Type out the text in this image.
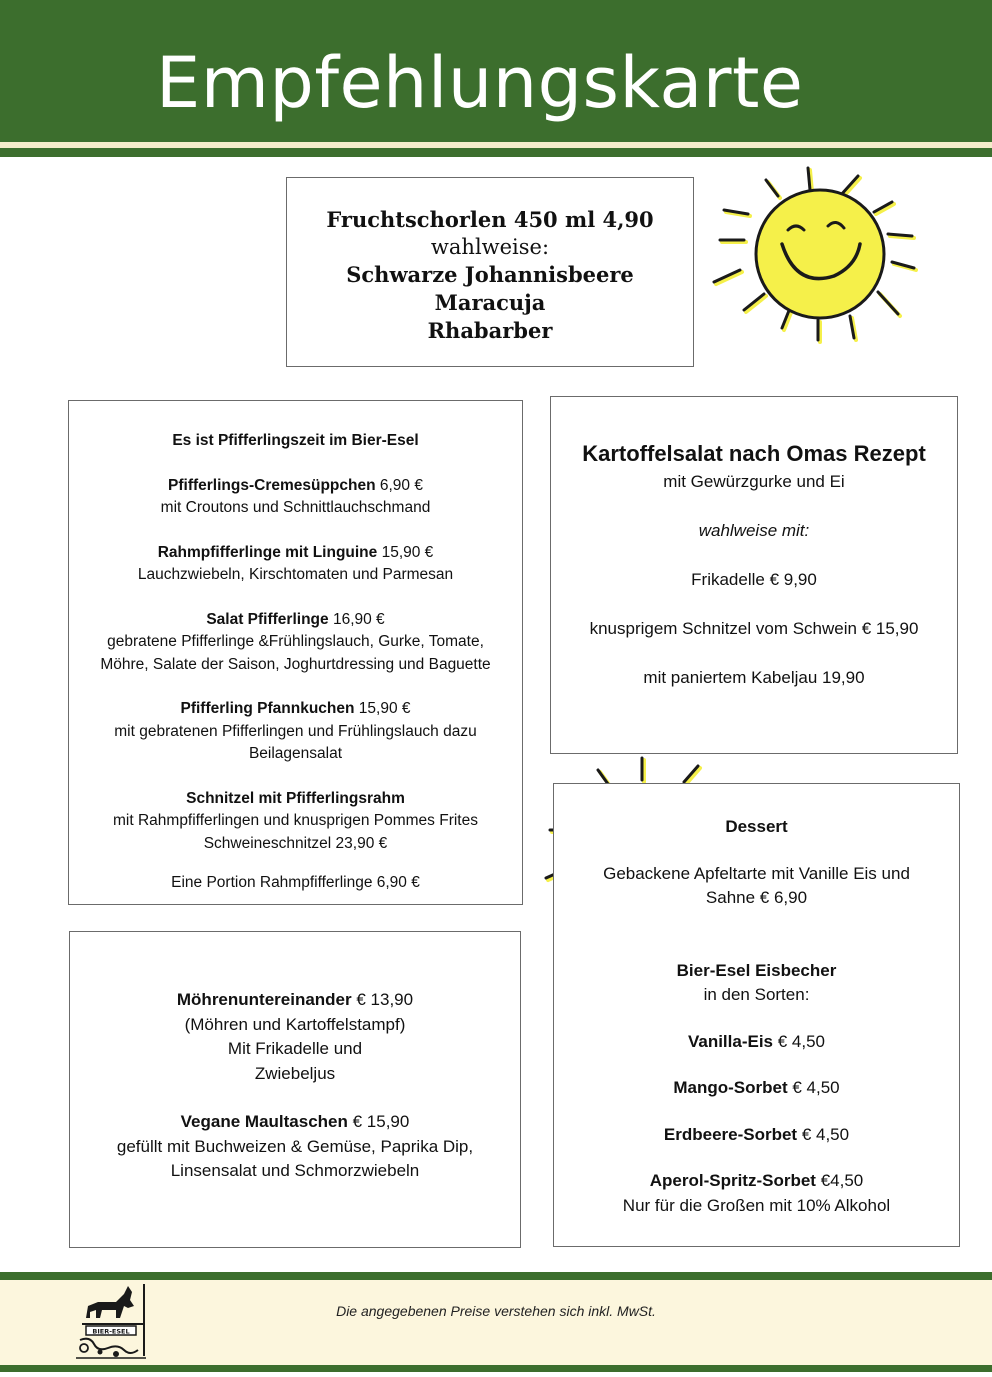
Empfehlungskarte

Fruchtschorlen 450 ml 4,90

wahlweise:

Schwarze Johannisbeere

Maracuja

Rhabarber

Es ist Pfifferlingszeit im Bier-Esel

Pfifferlings-Cremesüppchen 6,90 €

mit Croutons und Schnittlauchschmand

Rahmpfifferlinge mit Linguine 15,90 €

Lauchzwiebeln, Kirschtomaten und Parmesan

Salat Pfifferlinge 16,90 €

gebratene Pfifferlinge &Frühlingslauch, Gurke, Tomate,

Möhre, Salate der Saison, Joghurtdressing und Baguette

Pfifferling Pfannkuchen 15,90 €

mit gebratenen Pfifferlingen und Frühlingslauch dazu

Beilagensalat

Schnitzel mit Pfifferlingsrahm

mit Rahmpfifferlingen und knusprigen Pommes Frites

Schweineschnitzel 23,90 €

Eine Portion Rahmpfifferlinge 6,90 €

Kartoffelsalat nach Omas Rezept

mit Gewürzgurke und Ei

wahlweise mit:

Frikadelle € 9,90

knusprigem Schnitzel vom Schwein € 15,90

mit paniertem Kabeljau 19,90

Möhrenuntereinander € 13,90

(Möhren und Kartoffelstampf)

Mit Frikadelle und

Zwiebeljus

Vegane Maultaschen € 15,90

gefüllt mit Buchweizen & Gemüse, Paprika Dip,

Linsensalat und Schmorzwiebeln

Dessert

Gebackene Apfeltarte mit Vanille Eis und

Sahne € 6,90

Bier-Esel Eisbecher

in den Sorten:

Vanilla-Eis € 4,50

Mango-Sorbet € 4,50

Erdbeere-Sorbet € 4,50

Aperol-Spritz-Sorbet €4,50

Nur für die Großen mit 10% Alkohol

Die angegebenen Preise verstehen sich inkl. MwSt.
BIER-ESEL
